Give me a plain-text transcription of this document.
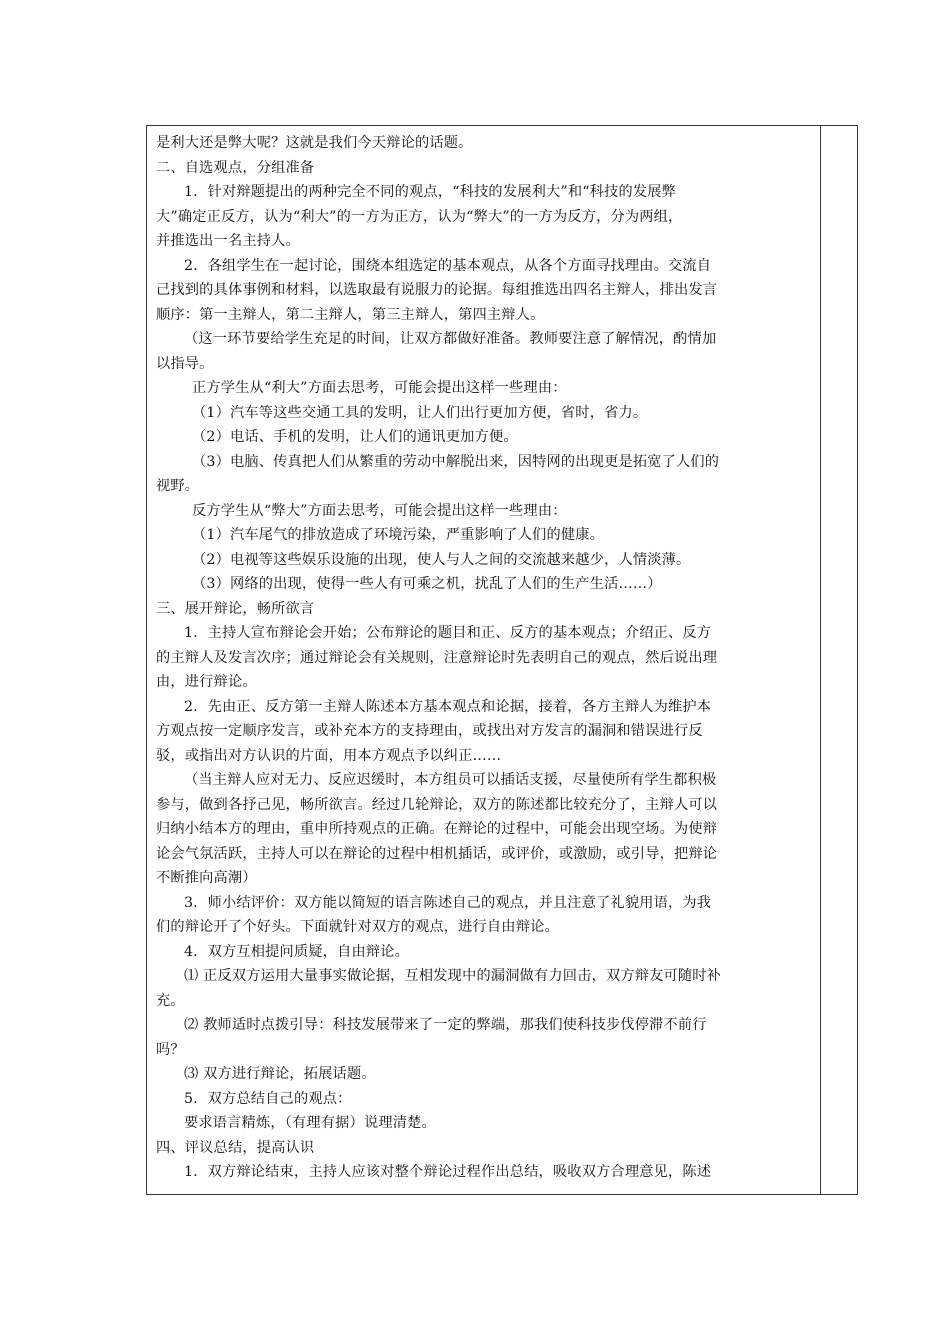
是利大还是弊大呢？这就是我们今天辩论的话题。
二、自选观点，分组准备
1．针对辩题提出的两种完全不同的观点，“科技的发展利大”和“科技的发展弊
大”确定正反方，认为“利大”的一方为正方，认为“弊大”的一方为反方，分为两组，
并推选出一名主持人。
2．各组学生在一起讨论，围绕本组选定的基本观点，从各个方面寻找理由。交流自
己找到的具体事例和材料，以选取最有说服力的论据。每组推选出四名主辩人，排出发言
顺序：第一主辩人，第二主辩人，第三主辩人，第四主辩人。
（这一环节要给学生充足的时间，让双方都做好准备。教师要注意了解情况，酌情加
以指导。
正方学生从“利大”方面去思考，可能会提出这样一些理由：
（1）汽车等这些交通工具的发明，让人们出行更加方便，省时，省力。
（2）电话、手机的发明，让人们的通讯更加方便。
（3）电脑、传真把人们从繁重的劳动中解脱出来，因特网的出现更是拓宽了人们的
视野。
反方学生从“弊大”方面去思考，可能会提出这样一些理由：
（1）汽车尾气的排放造成了环境污染，严重影响了人们的健康。
（2）电视等这些娱乐设施的出现，使人与人之间的交流越来越少，人情淡薄。
（3）网络的出现，使得一些人有可乘之机，扰乱了人们的生产生活……）
三、展开辩论，畅所欲言
1．主持人宣布辩论会开始；公布辩论的题目和正、反方的基本观点；介绍正、反方
的主辩人及发言次序；通过辩论会有关规则，注意辩论时先表明自己的观点，然后说出理
由，进行辩论。
2．先由正、反方第一主辩人陈述本方基本观点和论据，接着，各方主辩人为维护本
方观点按一定顺序发言，或补充本方的支持理由，或找出对方发言的漏洞和错误进行反
驳，或指出对方认识的片面，用本方观点予以纠正……
（当主辩人应对无力、反应迟缓时，本方组员可以插话支援，尽量使所有学生都积极
参与，做到各抒己见，畅所欲言。经过几轮辩论，双方的陈述都比较充分了，主辩人可以
归纳小结本方的理由，重申所持观点的正确。在辩论的过程中，可能会出现空场。为使辩
论会气氛活跃，主持人可以在辩论的过程中相机插话，或评价，或激励，或引导，把辩论
不断推向高潮）
3．师小结评价：双方能以简短的语言陈述自己的观点，并且注意了礼貌用语，为我
们的辩论开了个好头。下面就针对双方的观点，进行自由辩论。
4．双方互相提问质疑，自由辩论。
⑴ 正反双方运用大量事实做论据，互相发现中的漏洞做有力回击，双方辩友可随时补
充。
⑵ 教师适时点拨引导：科技发展带来了一定的弊端，那我们使科技步伐停滞不前行
吗？
⑶ 双方进行辩论，拓展话题。
5．双方总结自己的观点：
要求语言精炼，（有理有据）说理清楚。
四、评议总结，提高认识
1．双方辩论结束，主持人应该对整个辩论过程作出总结，吸收双方合理意见，陈述
